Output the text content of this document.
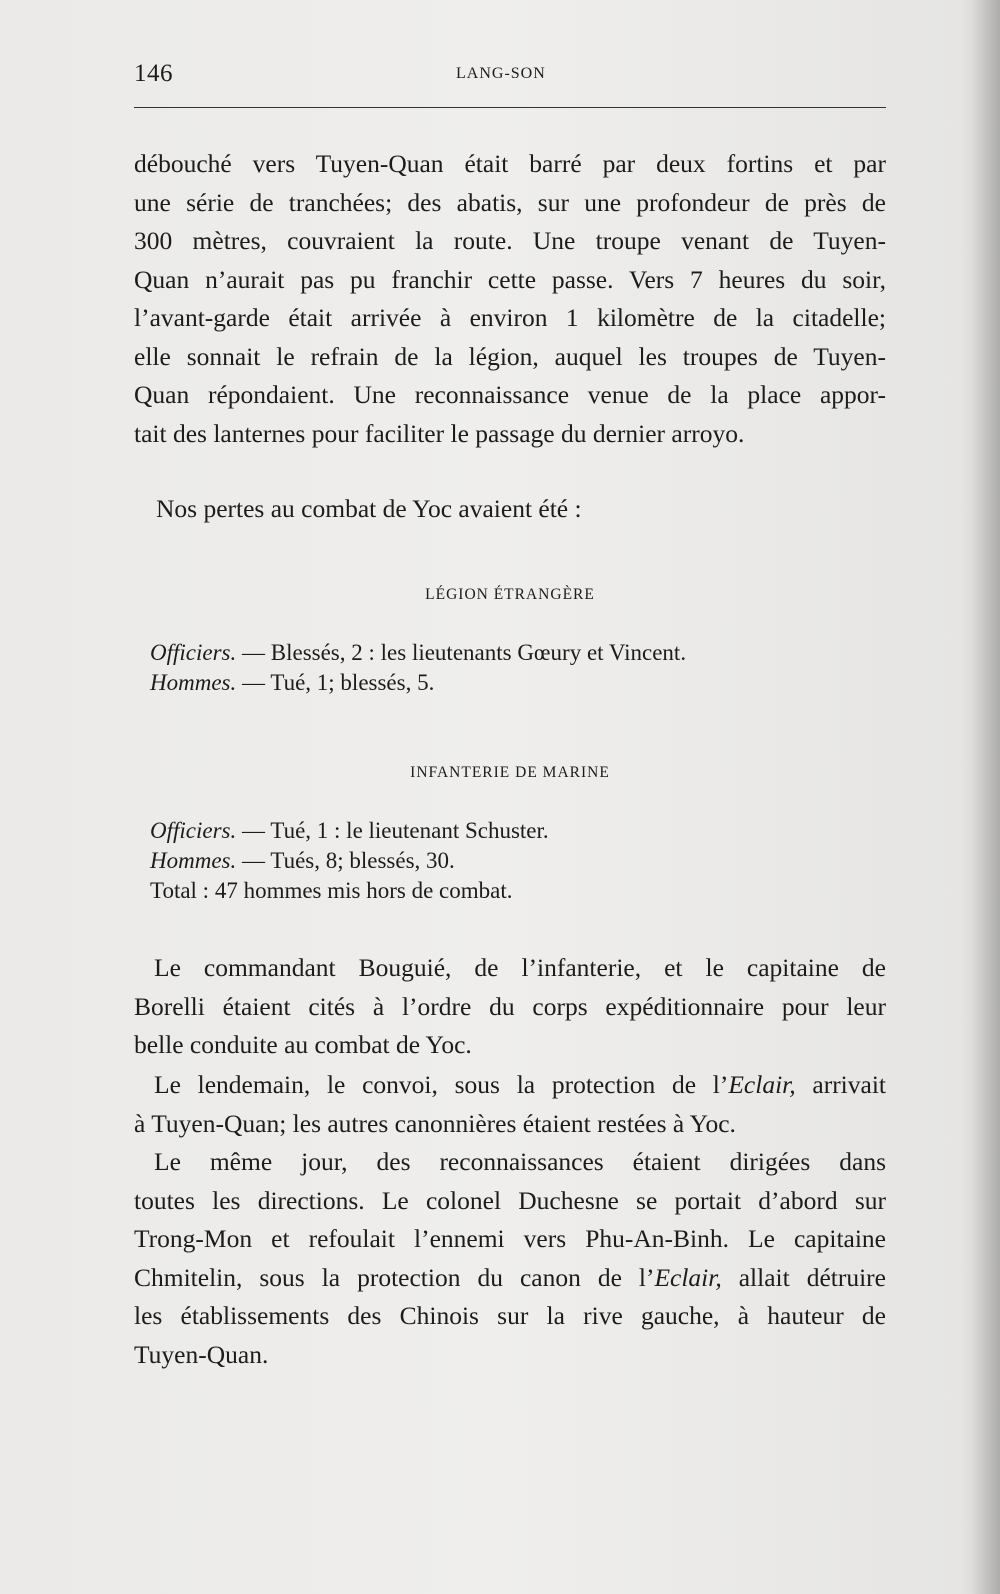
146	LANG-SON
débouché vers Tuyen-Quan était barré par deux fortins et par
une série de tranchées; des abatis, sur une profondeur de près de
300 mètres, couvraient la route. Une troupe venant de Tuyen-
Quan n’aurait pas pu franchir cette passe. Vers 7 heures du soir,
l’avant-garde était arrivée à environ 1 kilomètre de la citadelle;
elle sonnait le refrain de la légion, auquel les troupes de Tuyen-
Quan répondaient. Une reconnaissance venue de la place appor-
tait des lanternes pour faciliter le passage du dernier arroyo.
Nos pertes au combat de Yoc avaient été :
LÉGION ÉTRANGÈRE
Officiers. — Blessés, 2 : les lieutenants Gœury et Vincent.
Hommes. — Tué, 1; blessés, 5.
INFANTERIE DE MARINE
Officiers. — Tué, 1 : le lieutenant Schuster.
Hommes. — Tués, 8; blessés, 30.
Total : 47 hommes mis hors de combat.
Le commandant Bouguié, de l’infanterie, et le capitaine de
Borelli étaient cités à l’ordre du corps expéditionnaire pour leur
belle conduite au combat de Yoc.
Le lendemain, le convoi, sous la protection de l’Eclair, arrivait
à Tuyen-Quan; les autres canonnières étaient restées à Yoc.
Le même jour, des reconnaissances étaient dirigées dans
toutes les directions. Le colonel Duchesne se portait d’abord sur
Trong-Mon et refoulait l’ennemi vers Phu-An-Binh. Le capitaine
Chmitelin, sous la protection du canon de l’Eclair, allait détruire
les établissements des Chinois sur la rive gauche, à hauteur de
Tuyen-Quan.
